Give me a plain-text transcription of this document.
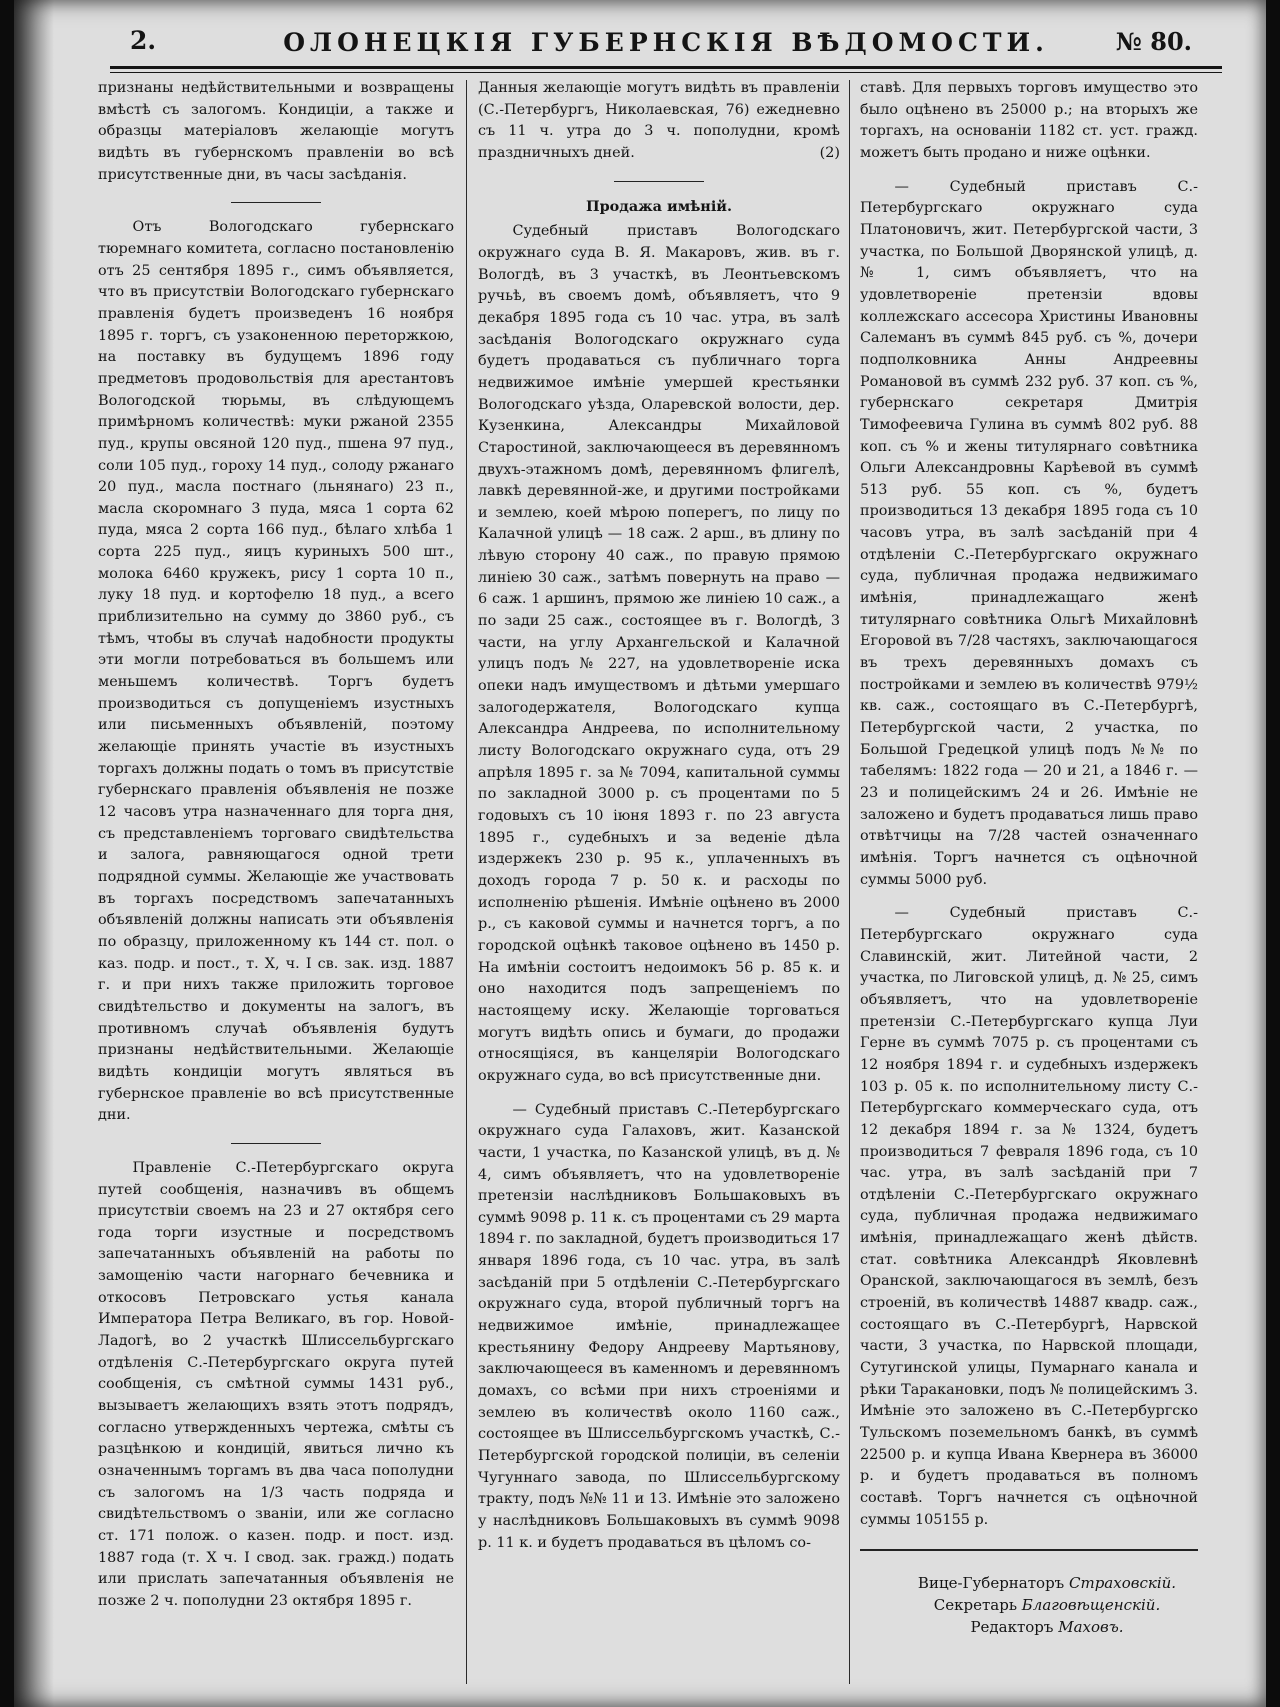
2.	ОЛОНЕЦКІЯ ГУБЕРНСКІЯ ВѢДОМОСТИ.	№ 80.

признаны недѣйствительными и возвращены вмѣстѣ съ залогомъ. Кондиціи, а также и образцы матеріаловъ желающіе могутъ видѣть въ губернскомъ правленіи во всѣ присутственные дни, въ часы засѣданія.

Отъ Вологодскаго губернскаго тюремнаго комитета, согласно постановленію отъ 25 сентября 1895 г., симъ объявляется, что въ присутствіи Вологодскаго губернскаго правленія будетъ произведенъ 16 ноября 1895 г. торгъ, съ узаконенною переторжкою, на поставку въ будущемъ 1896 году предметовъ продовольствія для арестантовъ Вологодской тюрьмы, въ слѣдующемъ примѣрномъ количествѣ: муки ржаной 2355 пуд., крупы овсяной 120 пуд., пшена 97 пуд., соли 105 пуд., гороху 14 пуд., солоду ржанаго 20 пуд., масла постнаго (льнянаго) 23 п., масла скоромнаго 3 пуда, мяса 1 сорта 62 пуда, мяса 2 сорта 166 пуд., бѣлаго хлѣба 1 сорта 225 пуд., яицъ куриныхъ 500 шт., молока 6460 кружекъ, рису 1 сорта 10 п., луку 18 пуд. и кортофелю 18 пуд., а всего приблизительно на сумму до 3860 руб., съ тѣмъ, чтобы въ случаѣ надобности продукты эти могли потребоваться въ большемъ или меньшемъ количествѣ. Торгъ будетъ производиться съ допущеніемъ изустныхъ или письменныхъ объявленій, поэтому желающіе принять участіе въ изустныхъ торгахъ должны подать о томъ въ присутствіе губернскаго правленія объявленія не позже 12 часовъ утра назначеннаго для торга дня, съ представленіемъ торговаго свидѣтельства и залога, равняющагося одной трети подрядной суммы. Желающіе же участвовать въ торгахъ посредствомъ запечатанныхъ объявленій должны написать эти объявленія по образцу, приложенному къ 144 ст. пол. о каз. подр. и пост., т. Х, ч. I св. зак. изд. 1887 г. и при нихъ также приложить торговое свидѣтельство и документы на залогъ, въ противномъ случаѣ объявленія будутъ признаны недѣйствительными. Желающіе видѣть кондиціи могутъ являться въ губернское правленіе во всѣ присутственные дни.

Правленіе С.-Петербургскаго округа путей сообщенія, назначивъ въ общемъ присутствіи своемъ на 23 и 27 октября сего года торги изустные и посредствомъ запечатанныхъ объявленій на работы по замощенію части нагорнаго бечевника и откосовъ Петровскаго устья канала Императора Петра Великаго, въ гор. Новой-Ладогѣ, во 2 участкѣ Шлиссельбургскаго отдѣленія С.-Петербургскаго округа путей сообщенія, съ смѣтной суммы 1431 руб., вызываетъ желающихъ взять этотъ подрядъ, согласно утвержденныхъ чертежа, смѣты съ разцѣнкою и кондицій, явиться лично къ означеннымъ торгамъ въ два часа пополудни съ залогомъ на 1/3 часть подряда и свидѣтельствомъ о званіи, или же согласно ст. 171 полож. о казен. подр. и пост. изд. 1887 года (т. Х ч. I свод. зак. гражд.) подать или прислать запечатанныя объявленія не позже 2 ч. пополудни 23 октября 1895 г.

Данныя желающіе могутъ видѣть въ правленіи (С.-Петербургъ, Николаевская, 76) ежедневно съ 11 ч. утра до 3 ч. пополудни, кромѣ праздничныхъ дней.	(2)

Продажа имѣній.

Судебный приставъ Вологодскаго окружнаго суда В. Я. Макаровъ, жив. въ г. Вологдѣ, въ 3 участкѣ, въ Леонтьевскомъ ручьѣ, въ своемъ домѣ, объявляетъ, что 9 декабря 1895 года съ 10 час. утра, въ залѣ засѣданія Вологодскаго окружнаго суда будетъ продаваться съ публичнаго торга недвижимое имѣніе умершей крестьянки Вологодскаго уѣзда, Оларевской волости, дер. Кузенкина, Александры Михайловой Старостиной, заключающееся въ деревянномъ двухъ-этажномъ домѣ, деревянномъ флигелѣ, лавкѣ деревянной-же, и другими постройками и землею, коей мѣрою поперегъ, по лицу по Калачной улицѣ — 18 саж. 2 арш., въ длину по лѣвую сторону 40 саж., по правую прямою линіею 30 саж., затѣмъ повернуть на право — 6 саж. 1 аршинъ, прямою же линіею 10 саж., а по зади 25 саж., состоящее въ г. Вологдѣ, 3 части, на углу Архангельской и Калачной улицъ подъ № 227, на удовлетвореніе иска опеки надъ имуществомъ и дѣтьми умершаго залогодержателя, Вологодскаго купца Александра Андреева, по исполнительному листу Вологодскаго окружнаго суда, отъ 29 апрѣля 1895 г. за № 7094, капитальной суммы по закладной 3000 р. съ процентами по 5 годовыхъ съ 10 іюня 1893 г. по 23 августа 1895 г., судебныхъ и за веденіе дѣла издержекъ 230 р. 95 к., уплаченныхъ въ доходъ города 7 р. 50 к. и расходы по исполненію рѣшенія. Имѣніе оцѣнено въ 2000 р., съ каковой суммы и начнется торгъ, а по городской оцѣнкѣ таковое оцѣнено въ 1450 р. На имѣніи состоитъ недоимокъ 56 р. 85 к. и оно находится подъ запрещеніемъ по настоящему иску. Желающіе торговаться могутъ видѣть опись и бумаги, до продажи относящіяся, въ канцеляріи Вологодскаго окружнаго суда, во всѣ присутственные дни.

— Судебный приставъ С.-Петербургскаго окружнаго суда Галаховъ, жит. Казанской части, 1 участка, по Казанской улицѣ, въ д. № 4, симъ объявляетъ, что на удовлетвореніе претензіи наслѣдниковъ Большаковыхъ въ суммѣ 9098 р. 11 к. съ процентами съ 29 марта 1894 г. по закладной, будетъ производиться 17 января 1896 года, съ 10 час. утра, въ залѣ засѣданій при 5 отдѣленіи С.-Петербургскаго окружнаго суда, второй публичный торгъ на недвижимое имѣніе, принадлежащее крестьянину Федору Андрееву Мартьянову, заключающееся въ каменномъ и деревянномъ домахъ, со всѣми при нихъ строеніями и землею въ количествѣ около 1160 саж., состоящее въ Шлиссельбургскомъ участкѣ, С.-Петербургской городской полиціи, въ селеніи Чугуннаго завода, по Шлиссельбургскому тракту, подъ №№ 11 и 13. Имѣніе это заложено у наслѣдниковъ Большаковыхъ въ суммѣ 9098 р. 11 к. и будетъ продаваться въ цѣломъ со-

ставѣ. Для первыхъ торговъ имущество это было оцѣнено въ 25000 р.; на вторыхъ же торгахъ, на основаніи 1182 ст. уст. гражд. можетъ быть продано и ниже оцѣнки.

— Судебный приставъ С.-Петербургскаго окружнаго суда Платоновичъ, жит. Петербургской части, 3 участка, по Большой Дворянской улицѣ, д. № 1, симъ объявляетъ, что на удовлетвореніе претензіи вдовы коллежскаго ассесора Христины Ивановны Салеманъ въ суммѣ 845 руб. съ %, дочери подполковника Анны Андреевны Романовой въ суммѣ 232 руб. 37 коп. съ %, губернскаго секретаря Дмитрія Тимофеевича Гулина въ суммѣ 802 руб. 88 коп. съ % и жены титулярнаго совѣтника Ольги Александровны Карѣевой въ суммѣ 513 руб. 55 коп. съ %, будетъ производиться 13 декабря 1895 года съ 10 часовъ утра, въ залѣ засѣданій при 4 отдѣленіи С.-Петербургскаго окружнаго суда, публичная продажа недвижимаго имѣнія, принадлежащаго женѣ титулярнаго совѣтника Ольгѣ Михайловнѣ Егоровой въ 7/28 частяхъ, заключающагося въ трехъ деревянныхъ домахъ съ постройками и землею въ количествѣ 979½ кв. саж., состоящаго въ С.-Петербургѣ, Петербургской части, 2 участка, по Большой Гредецкой улицѣ подъ №№ по табелямъ: 1822 года — 20 и 21, а 1846 г. — 23 и полицейскимъ 24 и 26. Имѣніе не заложено и будетъ продаваться лишь право отвѣтчицы на 7/28 частей означеннаго имѣнія. Торгъ начнется съ оцѣночной суммы 5000 руб.

— Судебный приставъ С.-Петербургскаго окружнаго суда Славинскій, жит. Литейной части, 2 участка, по Лиговской улицѣ, д. № 25, симъ объявляетъ, что на удовлетвореніе претензіи С.-Петербургскаго купца Луи Герне въ суммѣ 7075 р. съ процентами съ 12 ноября 1894 г. и судебныхъ издержекъ 103 р. 05 к. по исполнительному листу С.-Петербургскаго коммерческаго суда, отъ 12 декабря 1894 г. за № 1324, будетъ производиться 7 февраля 1896 года, съ 10 час. утра, въ залѣ засѣданій при 7 отдѣленіи С.-Петербургскаго окружнаго суда, публичная продажа недвижимаго имѣнія, принадлежащаго женѣ дѣйств. стат. совѣтника Александрѣ Яковлевнѣ Оранской, заключающагося въ землѣ, безъ строеній, въ количествѣ 14887 квадр. саж., состоящаго въ С.-Петербургѣ, Нарвской части, 3 участка, по Нарвской площади, Сутугинской улицы, Пумарнаго канала и рѣки Таракановки, подъ № полицейскимъ 3. Имѣніе это заложено въ С.-Петербургско Тульскомъ поземельномъ банкѣ, въ суммѣ 22500 р. и купца Ивана Квернера въ 36000 р. и будетъ продаваться въ полномъ составѣ. Торгъ начнется съ оцѣночной суммы 105155 р.

Вице-Губернаторъ Страховскій.

Секретарь Благовѣщенскій.

Редакторъ Маховъ.
